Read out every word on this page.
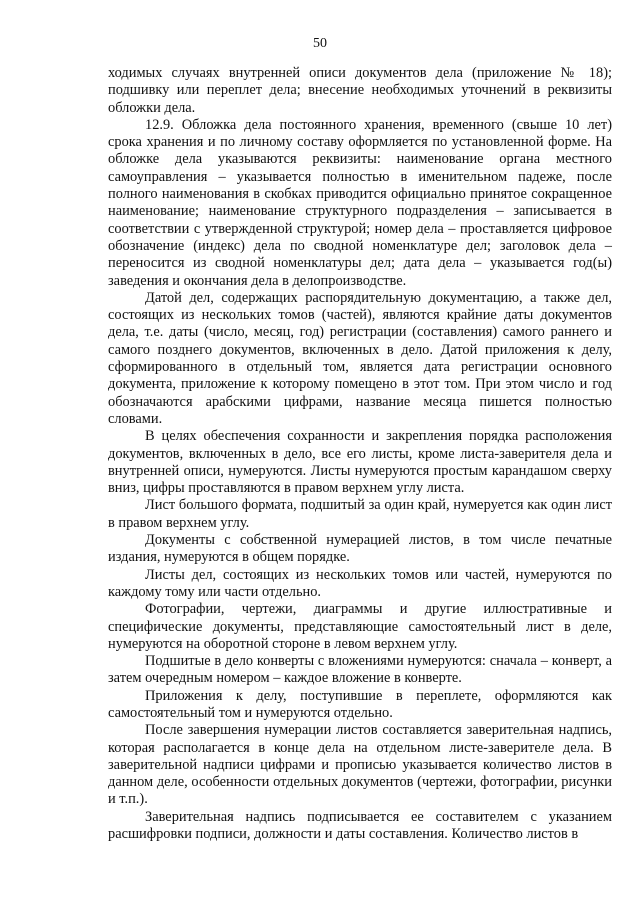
50

ходимых случаях внутренней описи документов дела (приложение № 18); подшивку или переплет дела; внесение необходимых уточнений в реквизиты обложки дела.

12.9. Обложка дела постоянного хранения, временного (свыше 10 лет) срока хранения и по личному составу оформляется по установленной форме. На обложке дела указываются реквизиты: наименование органа местного самоуправления – указывается полностью в именительном падеже, после полного наименования в скобках приводится официально принятое сокращенное наименование; наименование структурного подразделения – записывается в соответствии с утвержденной структурой; номер дела – проставляется цифровое обозначение (индекс) дела по сводной номенклатуре дел; заголовок дела – переносится из сводной номенклатуры дел; дата дела – указывается год(ы) заведения и окончания дела в делопроизводстве.

Датой дел, содержащих распорядительную документацию, а также дел, состоящих из нескольких томов (частей), являются крайние даты документов дела, т.е. даты (число, месяц, год) регистрации (составления) самого раннего и самого позднего документов, включенных в дело. Датой приложения к делу, сформированного в отдельный том, является дата регистрации основного документа, приложение к которому помещено в этот том. При этом число и год обозначаются арабскими цифрами, название месяца пишется полностью словами.

В целях обеспечения сохранности и закрепления порядка расположения документов, включенных в дело, все его листы, кроме листа-заверителя дела и внутренней описи, нумеруются. Листы нумеруются простым карандашом сверху вниз, цифры проставляются в правом верхнем углу листа.

Лист большого формата, подшитый за один край, нумеруется как один лист в правом верхнем углу.

Документы с собственной нумерацией листов, в том числе печатные издания, нумеруются в общем порядке.

Листы дел, состоящих из нескольких томов или частей, нумеруются по каждому тому или части отдельно.

Фотографии, чертежи, диаграммы и другие иллюстративные и специфические документы, представляющие самостоятельный лист в деле, нумеруются на оборотной стороне в левом верхнем углу.

Подшитые в дело конверты с вложениями нумеруются: сначала – конверт, а затем очередным номером – каждое вложение в конверте.

Приложения к делу, поступившие в переплете, оформляются как самостоятельный том и нумеруются отдельно.

После завершения нумерации листов составляется заверительная надпись, которая располагается в конце дела на отдельном листе-заверителе дела. В заверительной надписи цифрами и прописью указывается количество листов в данном деле, особенности отдельных документов (чертежи, фотографии, рисунки и т.п.).

Заверительная надпись подписывается ее составителем с указанием расшифровки подписи, должности и даты составления. Количество листов в
